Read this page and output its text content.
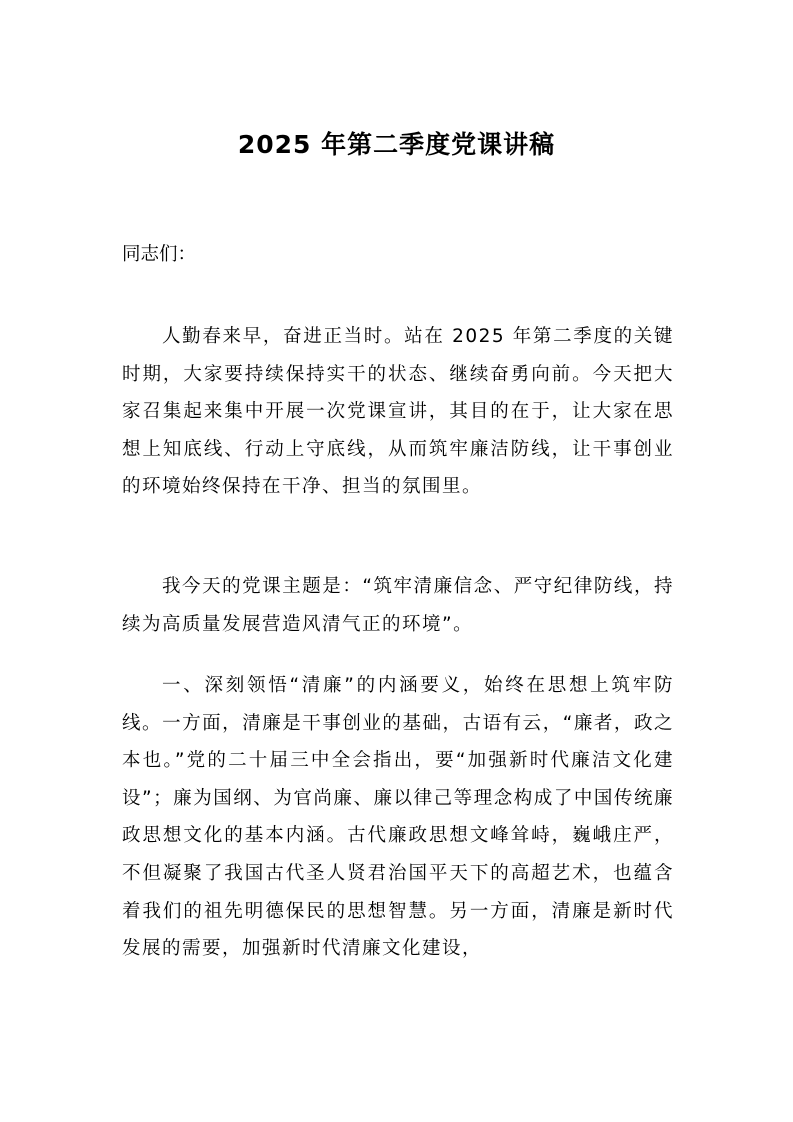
2025 年第二季度党课讲稿
同志们：

人勤春来早，奋进正当时。站在 2025 年第二季度的关键时期，大家要持续保持实干的状态、继续奋勇向前。今天把大家召集起来集中开展一次党课宣讲，其目的在于，让大家在思想上知底线、行动上守底线，从而筑牢廉洁防线，让干事创业的环境始终保持在干净、担当的氛围里。

我今天的党课主题是：“筑牢清廉信念、严守纪律防线，持续为高质量发展营造风清气正的环境”。

一、深刻领悟“清廉”的内涵要义，始终在思想上筑牢防线。一方面，清廉是干事创业的基础，古语有云，“廉者，政之本也。”党的二十届三中全会指出，要“加强新时代廉洁文化建设”；廉为国纲、为官尚廉、廉以律己等理念构成了中国传统廉政思想文化的基本内涵。古代廉政思想文峰耸峙，巍峨庄严，不但凝聚了我国古代圣人贤君治国平天下的高超艺术，也蕴含着我们的祖先明德保民的思想智慧。另一方面，清廉是新时代发展的需要，加强新时代清廉文化建设，
